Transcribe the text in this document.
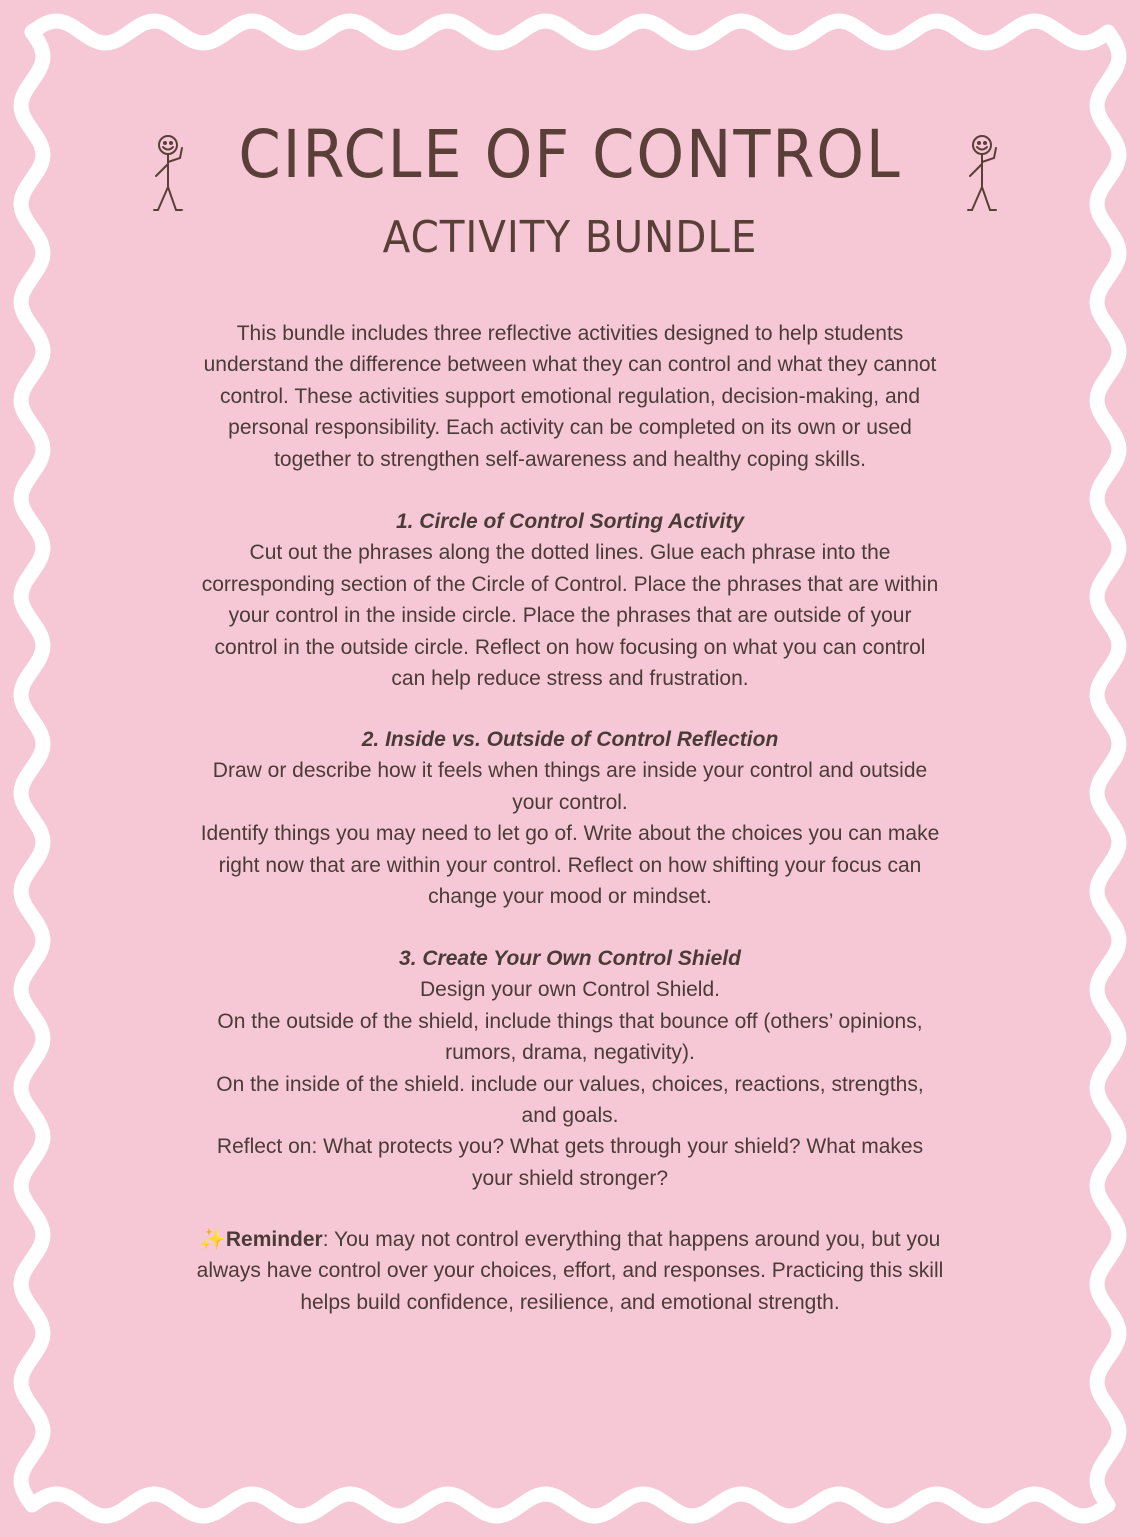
CIRCLE OF CONTROL
ACTIVITY BUNDLE
This bundle includes three reflective activities designed to help students
understand the difference between what they can control and what they cannot
control. These activities support emotional regulation, decision-making, and
personal responsibility. Each activity can be completed on its own or used
together to strengthen self-awareness and healthy coping skills.
1. Circle of Control Sorting Activity
Cut out the phrases along the dotted lines. Glue each phrase into the
corresponding section of the Circle of Control. Place the phrases that are within
your control in the inside circle. Place the phrases that are outside of your
control in the outside circle. Reflect on how focusing on what you can control
can help reduce stress and frustration.
2. Inside vs. Outside of Control Reflection
Draw or describe how it feels when things are inside your control and outside
your control.
Identify things you may need to let go of. Write about the choices you can make
right now that are within your control. Reflect on how shifting your focus can
change your mood or mindset.
3. Create Your Own Control Shield
Design your own Control Shield.
On the outside of the shield, include things that bounce off (others’ opinions,
rumors, drama, negativity).
On the inside of the shield. include our values, choices, reactions, strengths,
and goals.
Reflect on: What protects you? What gets through your shield? What makes
your shield stronger?
✨Reminder: You may not control everything that happens around you, but you
always have control over your choices, effort, and responses. Practicing this skill
helps build confidence, resilience, and emotional strength.
